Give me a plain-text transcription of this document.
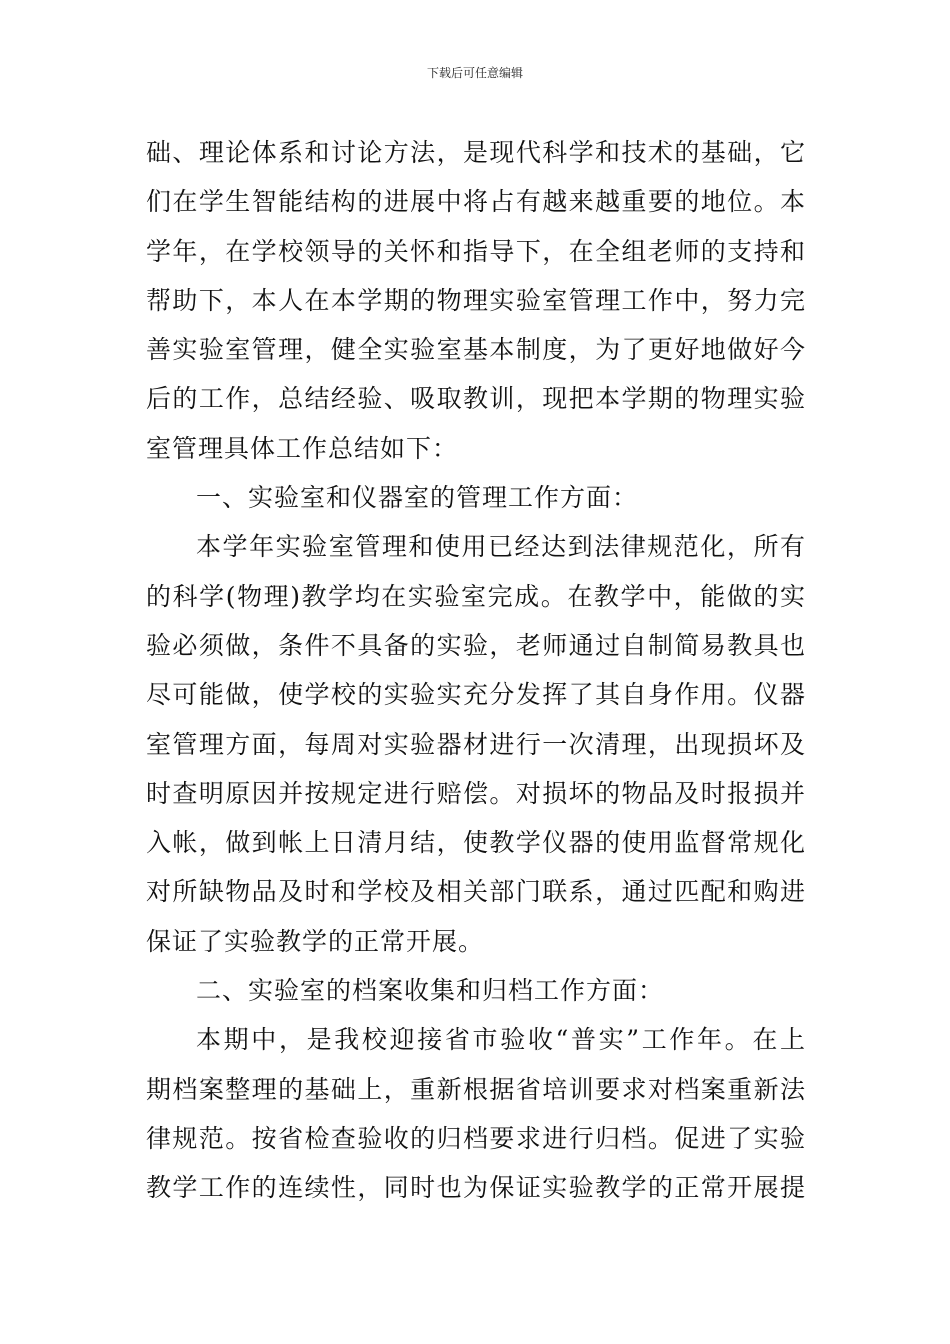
下载后可任意编辑
础、理论体系和讨论方法，是现代科学和技术的基础，它
们在学生智能结构的进展中将占有越来越重要的地位。本
学年，在学校领导的关怀和指导下，在全组老师的支持和
帮助下，本人在本学期的物理实验室管理工作中，努力完
善实验室管理，健全实验室基本制度，为了更好地做好今
后的工作，总结经验、吸取教训，现把本学期的物理实验
室管理具体工作总结如下：
一、实验室和仪器室的管理工作方面：
本学年实验室管理和使用已经达到法律规范化，所有
的科学(物理)教学均在实验室完成。在教学中，能做的实
验必须做，条件不具备的实验，老师通过自制简易教具也
尽可能做，使学校的实验实充分发挥了其自身作用。仪器
室管理方面，每周对实验器材进行一次清理，出现损坏及
时查明原因并按规定进行赔偿。对损坏的物品及时报损并
入帐，做到帐上日清月结，使教学仪器的使用监督常规化
对所缺物品及时和学校及相关部门联系，通过匹配和购进
保证了实验教学的正常开展。
二、实验室的档案收集和归档工作方面：
本期中，是我校迎接省市验收“普实”工作年。在上
期档案整理的基础上，重新根据省培训要求对档案重新法
律规范。按省检查验收的归档要求进行归档。促进了实验
教学工作的连续性，同时也为保证实验教学的正常开展提
